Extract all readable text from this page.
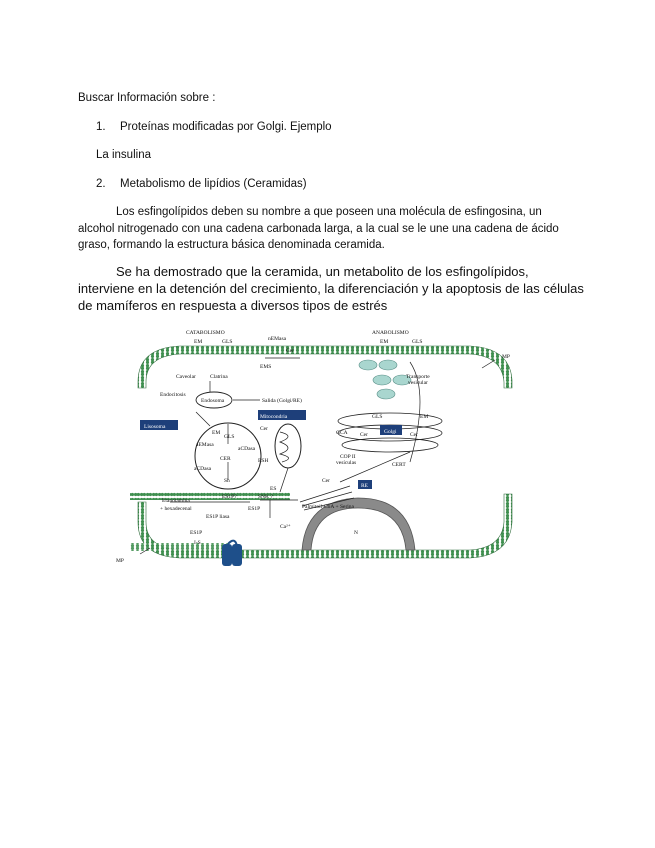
Buscar Información sobre :
1. Proteínas modificadas por Golgi. Ejemplo
La insulina
2. Metabolismo de lipídios (Ceramidas)
Los esfingolípidos deben su nombre a que poseen una molécula de esfingosina, un
alcohol nitrogenado con una cadena carbonada larga, a la cual se le une una cadena de ácido
graso, formando la estructura básica denominada ceramida.
Se ha demostrado que la ceramida, un metabolito de los esfingolípidos,
interviene en la detención del crecimiento, la diferenciación y la apoptosis de las células
de mamíferos en respuesta a diversos tipos de estrés
CATABOLISMO	ANABOLISMO
EM	GLS	nEMasa	EM	GLS
Cer
EMS
Caveolar	Clatrina
Endocitosis
Endosoma	Salida (Golgi/RE)
Lisosoma
Mitocondria
EM
GLS
aEMasa
aCDasa
CER
aCDasa
Sh
Cer
ESH
ES
ES1P?	SNK ?
ES1P
Etanolamina
+ hexadecenal
ES1P liasa
ES1P
I-S
MP
MP
Transporte
vesicular
GLS	EM
GCA Cer	Golgi Cer
COP II
vesículas	CERT
RE
Cer
Palmitoil-CoA + Serina
Ca²⁺
N
